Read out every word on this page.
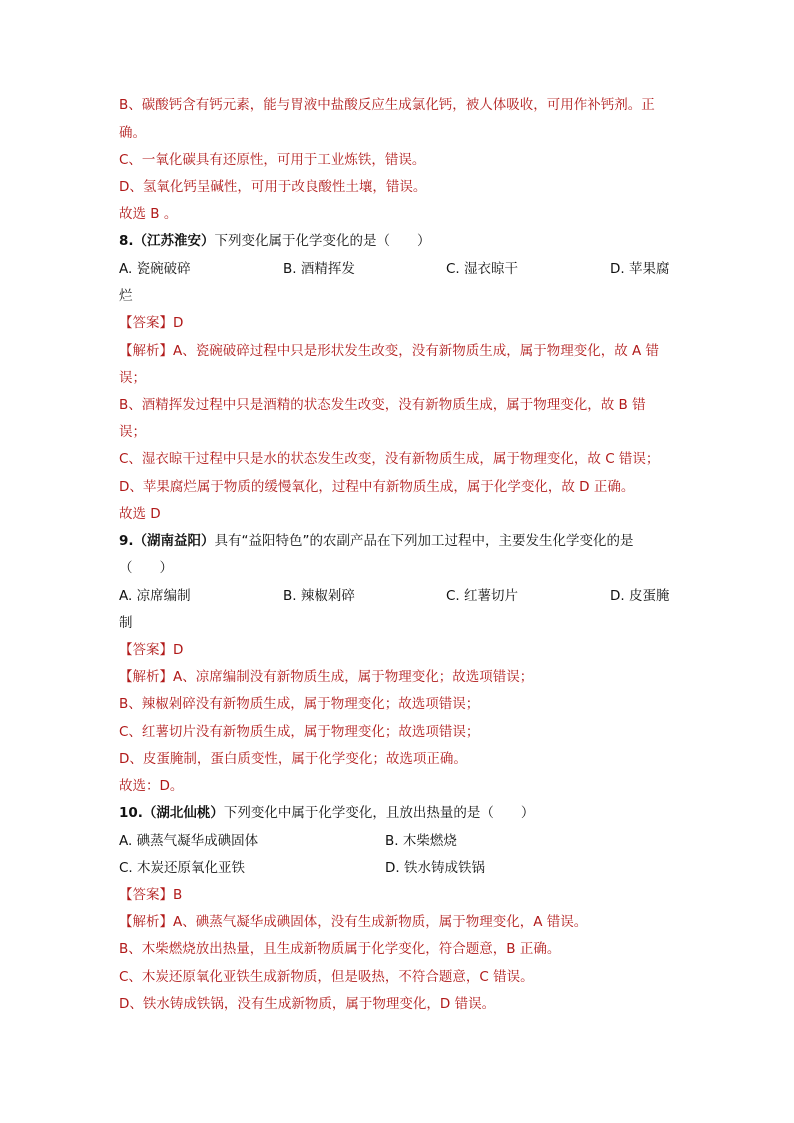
B、碳酸钙含有钙元素，能与胃液中盐酸反应生成氯化钙，被人体吸收，可用作补钙剂。正
确。
C、一氧化碳具有还原性，可用于工业炼铁，错误。
D、氢氧化钙呈碱性，可用于改良酸性土壤，错误。
故选 B 。
8.（江苏淮安）下列变化属于化学变化的是（　　）
A. 瓷碗破碎	B. 酒精挥发	C. 湿衣晾干	D. 苹果腐
烂
【答案】D
【解析】A、瓷碗破碎过程中只是形状发生改变，没有新物质生成，属于物理变化，故 A 错
误；
B、酒精挥发过程中只是酒精的状态发生改变，没有新物质生成，属于物理变化，故 B 错
误；
C、湿衣晾干过程中只是水的状态发生改变，没有新物质生成，属于物理变化，故 C 错误；
D、苹果腐烂属于物质的缓慢氧化，过程中有新物质生成，属于化学变化，故 D 正确。
故选 D
9.（湖南益阳）具有“益阳特色”的农副产品在下列加工过程中，主要发生化学变化的是
（　　）
A. 凉席编制	B. 辣椒剁碎	C. 红薯切片	D. 皮蛋腌
制
【答案】D
【解析】A、凉席编制没有新物质生成，属于物理变化；故选项错误；
B、辣椒剁碎没有新物质生成，属于物理变化；故选项错误；
C、红薯切片没有新物质生成，属于物理变化；故选项错误；
D、皮蛋腌制，蛋白质变性，属于化学变化；故选项正确。
故选：D。
10.（湖北仙桃）下列变化中属于化学变化，且放出热量的是（　　）
A. 碘蒸气凝华成碘固体	B. 木柴燃烧
C. 木炭还原氧化亚铁	D. 铁水铸成铁锅
【答案】B
【解析】A、碘蒸气凝华成碘固体，没有生成新物质，属于物理变化，A 错误。
B、木柴燃烧放出热量，且生成新物质属于化学变化，符合题意，B 正确。
C、木炭还原氧化亚铁生成新物质，但是吸热，不符合题意，C 错误。
D、铁水铸成铁锅，没有生成新物质，属于物理变化，D 错误。
